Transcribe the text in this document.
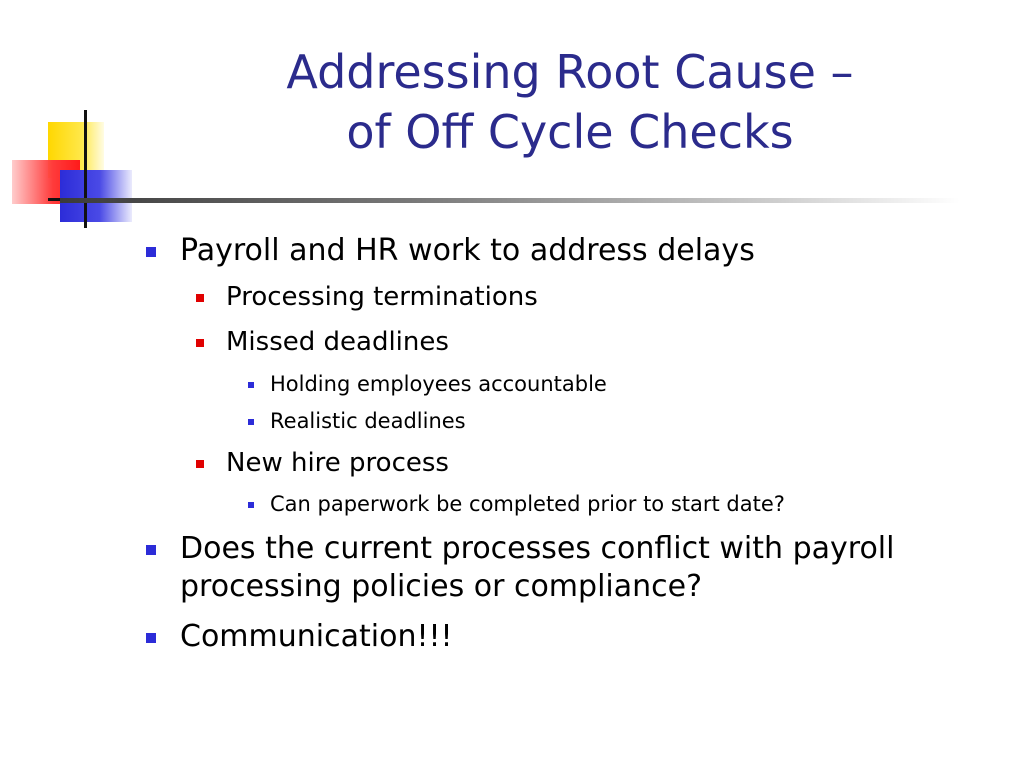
Addressing Root Cause –
of Off Cycle Checks
Payroll and HR work to address delays
Processing terminations
Missed deadlines
Holding employees accountable
Realistic deadlines
New hire process
Can paperwork be completed prior to start date?
Does the current processes conflict with payroll processing policies or compliance?
Communication!!!
